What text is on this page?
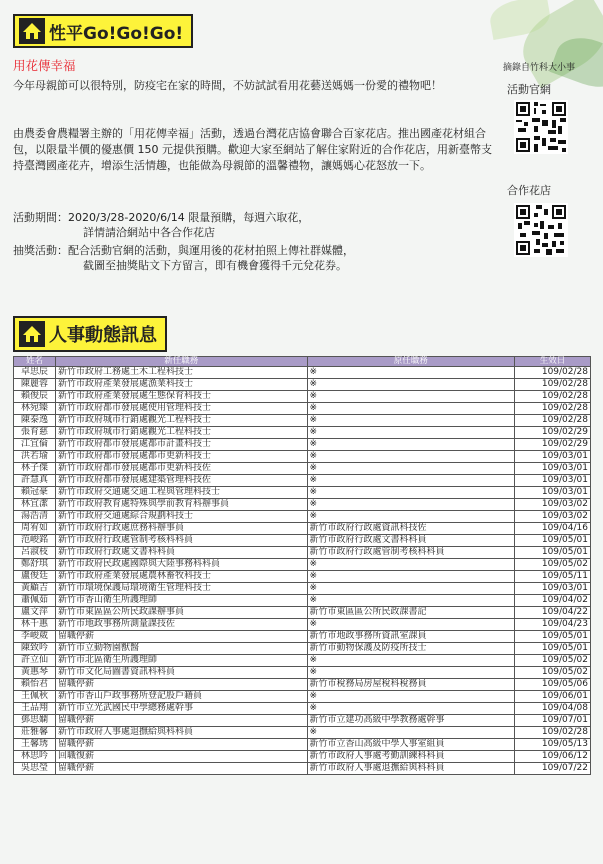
性平Go!Go!Go!
用花傳幸福	摘錄自竹科大小事
今年母親節可以很特別，防疫宅在家的時間，不妨試試看用花藝送媽媽一份愛的禮物吧！
由農委會農糧署主辦的「用花傳幸福」活動，透過台灣花店協會聯合百家花店。推出國產花材組合包，以限量半價的優惠價 150 元提供預購。歡迎大家至網站了解住家附近的合作花店，用新臺幣支持臺灣國產花卉，增添生活情趣，也能做為母親節的溫馨禮物，讓媽媽心花怒放一下。
活動期間：2020/3/28-2020/6/14 限量預購，每週六取花，
詳情請洽網站中各合作花店
抽獎活動：配合活動官網的活動，與運用後的花材拍照上傳社群媒體，
截圖至抽獎貼文下方留言，即有機會獲得千元兌花券。
活動官網
合作花店
人事動態訊息
姓名	新任職務	原任職務	生效日
卓思辰	新竹市政府工務處土木工程科技士	※	109/02/28
陳麗蓉	新竹市政府產業發展處漁業科技士	※	109/02/28
賴俊辰	新竹市政府產業發展處生態保育科技士	※	109/02/28
林宛臻	新竹市政府都市發展處使用管理科技士	※	109/02/28
陳泰逸	新竹市政府城市行銷處觀光工程科技士	※	109/02/28
張育慈	新竹市政府城市行銷處觀光工程科技士	※	109/02/29
江宜倫	新竹市政府都市發展處都市計畫科技士	※	109/02/29
洪若瑜	新竹市政府都市發展處都市更新科技士	※	109/03/01
林子傑	新竹市政府都市發展處都市更新科技佐	※	109/03/01
許慧真	新竹市政府都市發展處建築管理科技佐	※	109/03/01
賴冠豪	新竹市政府交通處交通工程與管理科技士	※	109/03/01
林宜潔	新竹市政府教育處特殊與學前教育科辦事員	※	109/03/02
湯浩清	新竹市政府交通處綜合規劃科技士	※	109/03/02
周宥如	新竹市政府行政處庶務科辦事員	新竹市政府行政處資訊科技佐	109/04/16
范峻銘	新竹市政府行政處管制考核科科員	新竹市政府行政處文書科科員	109/05/01
呂淑枝	新竹市政府行政處文書科科員	新竹市政府行政處管制考核科科員	109/05/01
鄭舒琪	新竹市政府民政處國際與大陸事務科科員	※	109/05/02
盧俊廷	新竹市政府產業發展處農林畜牧科技士	※	109/05/11
黃顧吉	新竹市環境保護局環境衛生管理科技士	※	109/03/01
蕭佩茹	新竹市香山衛生所護理師	※	109/04/02
盧文萍	新竹市東區區公所民政課辦事員	新竹市東區區公所民政課書記	109/04/22
林千惠	新竹市地政事務所測量課技佐	※	109/04/23
李峻葳	留職停薪	新竹市地政事務所資訊室課員	109/05/01
陳致吟	新竹市立動物園獸醫	新竹市動物保護及防疫所技士	109/05/01
許立仙	新竹市北區衛生所護理師	※	109/05/02
黃惠琴	新竹市文化局圖書資訊科科員	※	109/05/02
賴怡君	留職停薪	新竹市稅務局房屋稅科稅務員	109/05/06
王佩秋	新竹市香山戶政事務所登記股戶籍員	※	109/06/01
王品翔	新竹市立光武國民中學總務處幹事	※	109/04/08
鄧思嫻	留職停薪	新竹市立建功高級中學教務處幹事	109/07/01
莊雅馨	新竹市政府人事處退撫給與科科員	※	109/02/28
王馨琇	留職停薪	新竹市立香山高級中學人事室組員	109/05/13
林思吟	回職復薪	新竹市政府人事處考勤訓練科科員	109/06/12
吳思瑩	留職停薪	新竹市政府人事處退撫給與科科員	109/07/22
